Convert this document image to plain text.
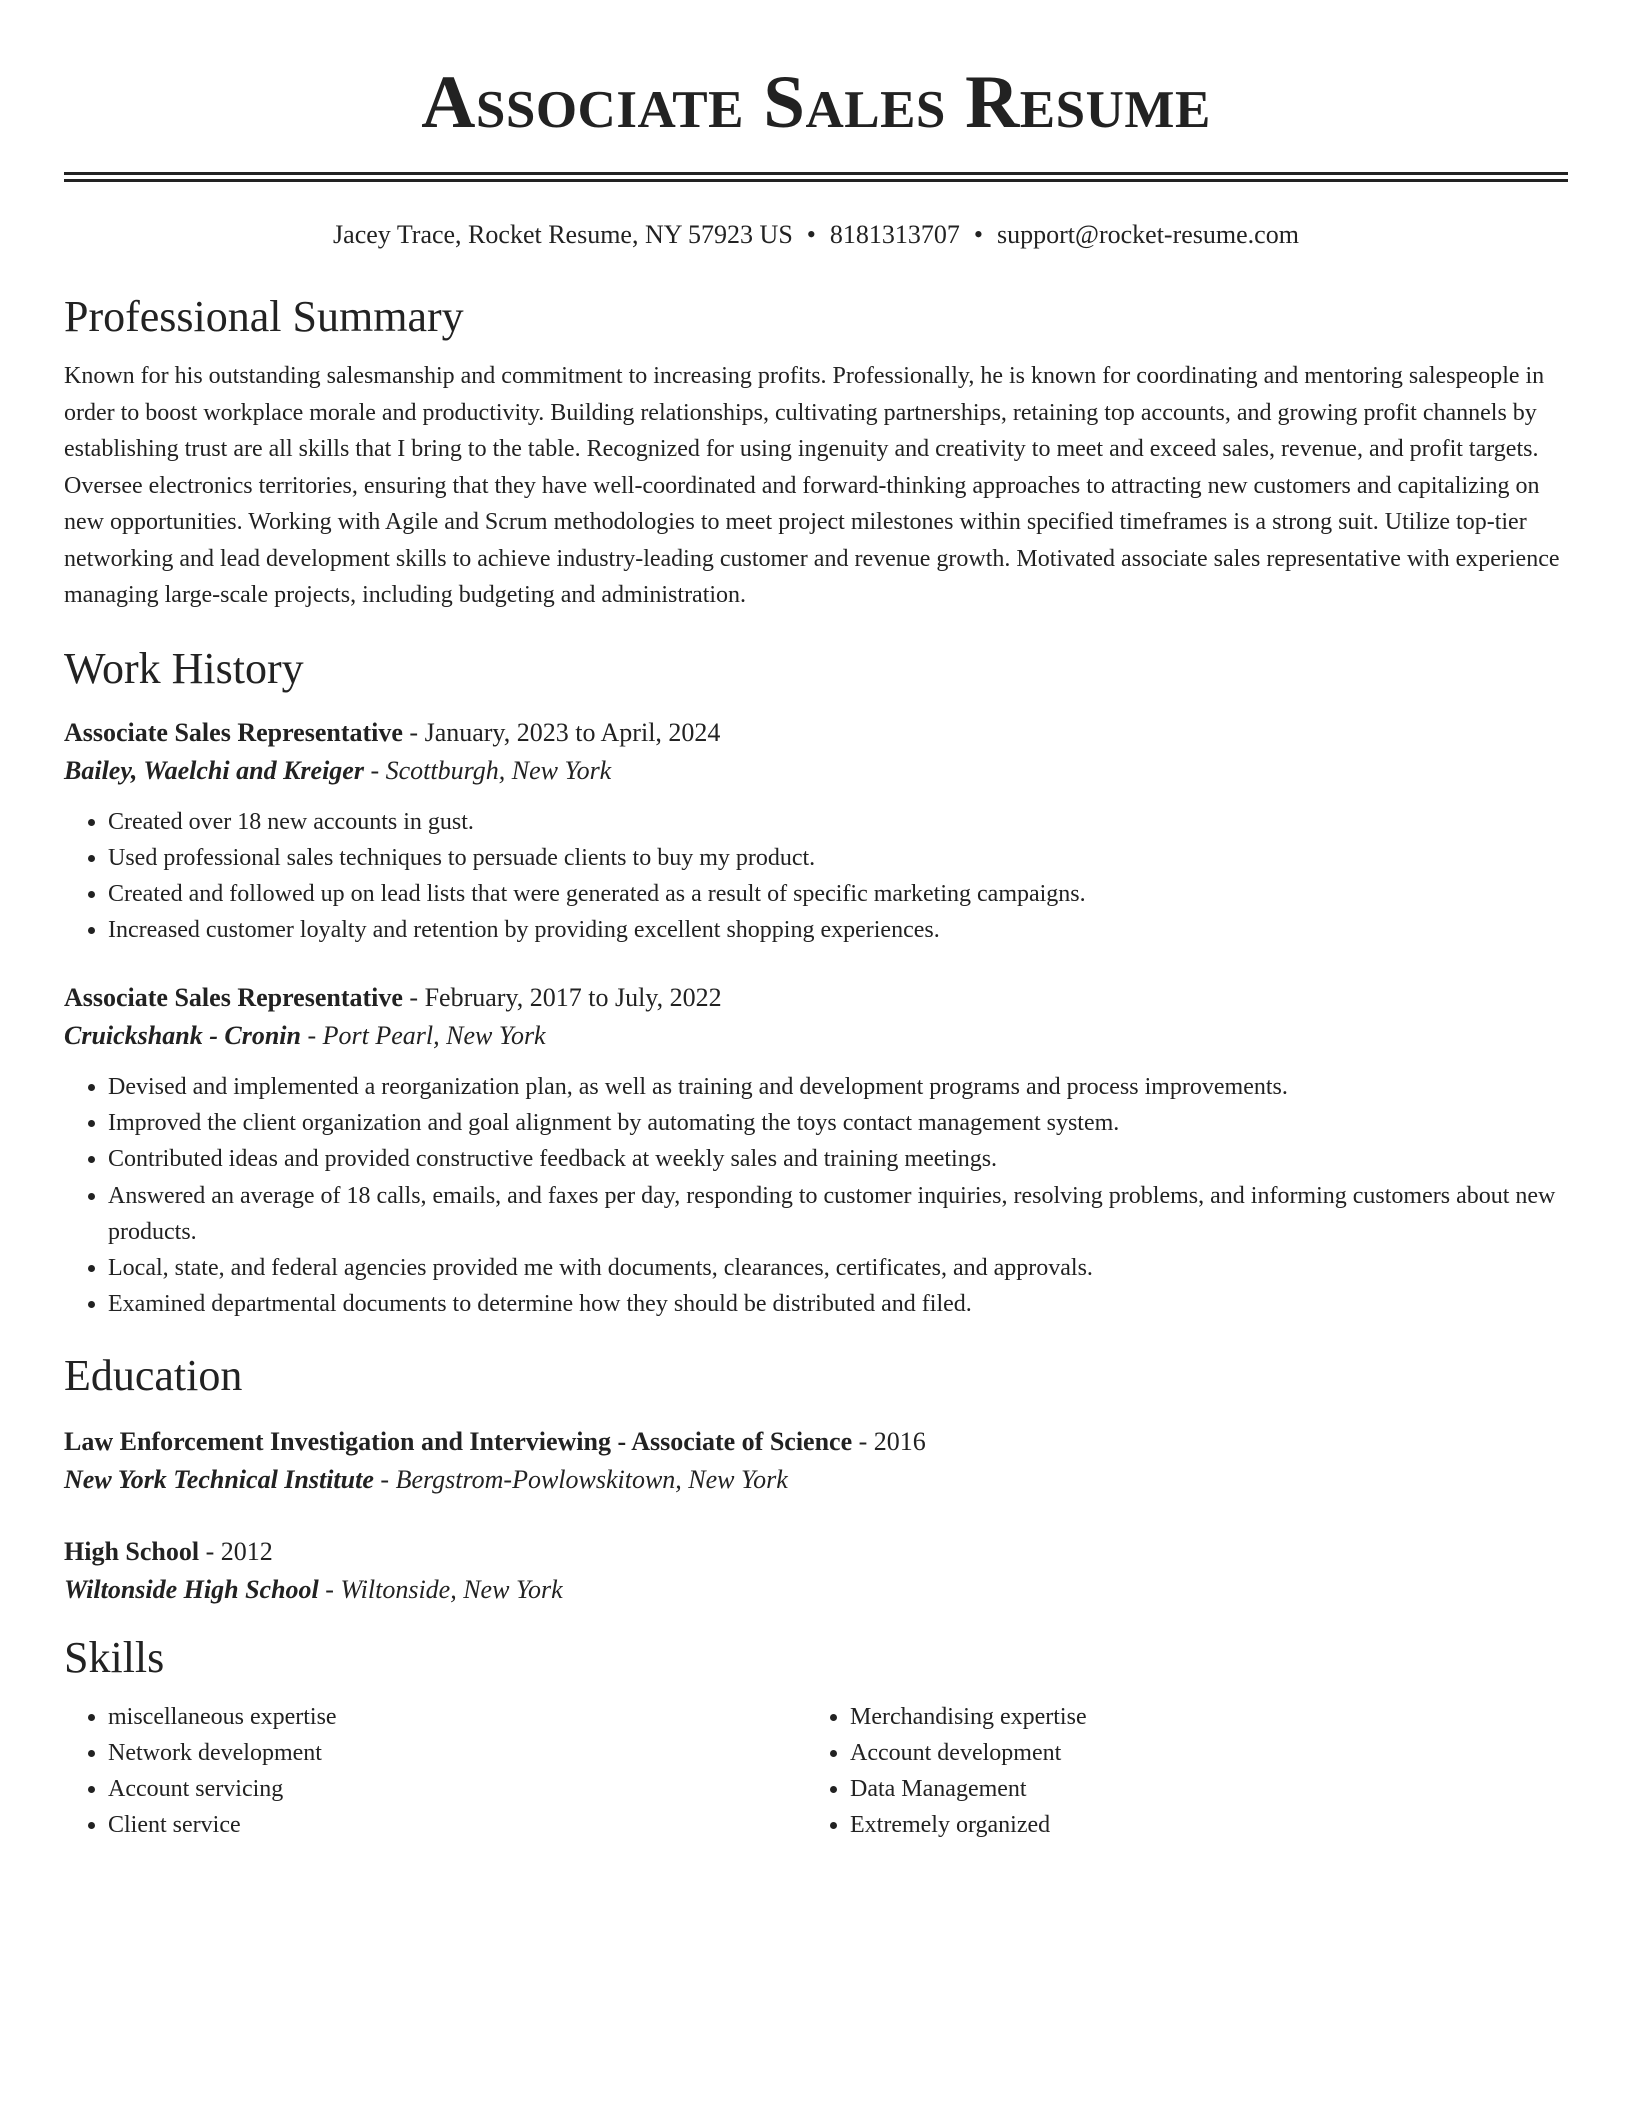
Associate Sales Resume
Jacey Trace, Rocket Resume, NY 57923 US • 8181313707 • support@rocket-resume.com
Professional Summary

Known for his outstanding salesmanship and commitment to increasing profits. Professionally, he is known for coordinating and mentoring salespeople in order to boost workplace morale and productivity. Building relationships, cultivating partnerships, retaining top accounts, and growing profit channels by establishing trust are all skills that I bring to the table. Recognized for using ingenuity and creativity to meet and exceed sales, revenue, and profit targets. Oversee electronics territories, ensuring that they have well-coordinated and forward-thinking approaches to attracting new customers and capitalizing on new opportunities. Working with Agile and Scrum methodologies to meet project milestones within specified timeframes is a strong suit. Utilize top-tier networking and lead development skills to achieve industry-leading customer and revenue growth. Motivated associate sales representative with experience managing large-scale projects, including budgeting and administration.

Work History
Associate Sales Representative - January, 2023 to April, 2024
Bailey, Waelchi and Kreiger - Scottburgh, New York
• Created over 18 new accounts in gust.
• Used professional sales techniques to persuade clients to buy my product.
• Created and followed up on lead lists that were generated as a result of specific marketing campaigns.
• Increased customer loyalty and retention by providing excellent shopping experiences.
Associate Sales Representative - February, 2017 to July, 2022
Cruickshank - Cronin - Port Pearl, New York
• Devised and implemented a reorganization plan, as well as training and development programs and process improvements.
• Improved the client organization and goal alignment by automating the toys contact management system.
• Contributed ideas and provided constructive feedback at weekly sales and training meetings.
• Answered an average of 18 calls, emails, and faxes per day, responding to customer inquiries, resolving problems, and informing customers about new products.
• Local, state, and federal agencies provided me with documents, clearances, certificates, and approvals.
• Examined departmental documents to determine how they should be distributed and filed.
Education
Law Enforcement Investigation and Interviewing - Associate of Science - 2016
New York Technical Institute - Bergstrom-Powlowskitown, New York
High School - 2012
Wiltonside High School - Wiltonside, New York
Skills
• miscellaneous expertise
• Network development
• Account servicing
• Client service
• Merchandising expertise
• Account development
• Data Management
• Extremely organized
